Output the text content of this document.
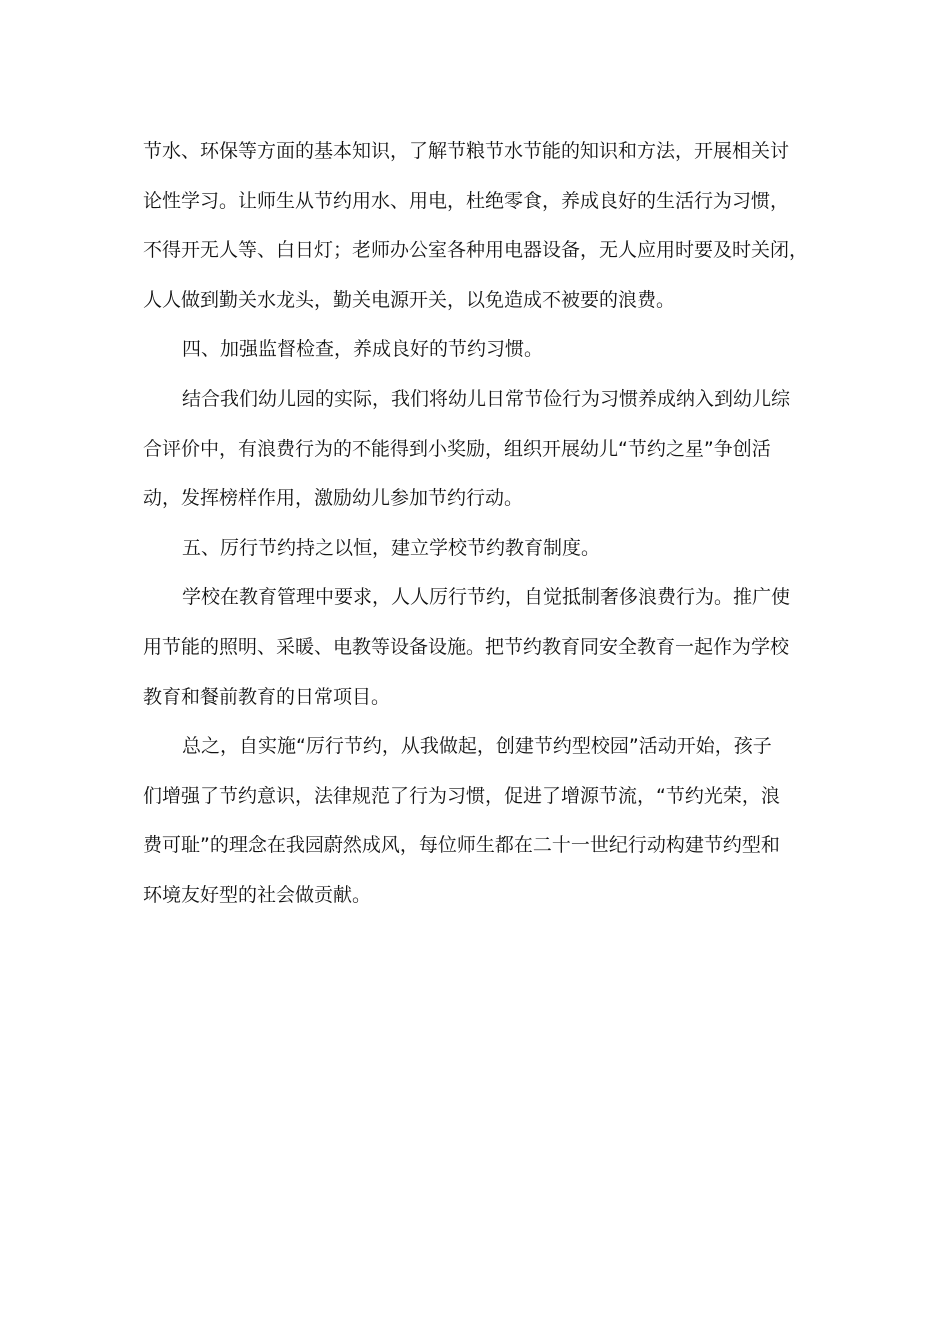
节水、环保等方面的基本知识，了解节粮节水节能的知识和方法，开展相关讨
论性学习。让师生从节约用水、用电，杜绝零食，养成良好的生活行为习惯，
不得开无人等、白日灯；老师办公室各种用电器设备，无人应用时要及时关闭，
人人做到勤关水龙头，勤关电源开关，以免造成不被要的浪费。
四、加强监督检查，养成良好的节约习惯。
结合我们幼儿园的实际，我们将幼儿日常节俭行为习惯养成纳入到幼儿综
合评价中，有浪费行为的不能得到小奖励，组织开展幼儿“节约之星”争创活
动，发挥榜样作用，激励幼儿参加节约行动。
五、厉行节约持之以恒，建立学校节约教育制度。
学校在教育管理中要求，人人厉行节约，自觉抵制奢侈浪费行为。推广使
用节能的照明、采暖、电教等设备设施。把节约教育同安全教育一起作为学校
教育和餐前教育的日常项目。
总之，自实施“厉行节约，从我做起，创建节约型校园”活动开始，孩子
们增强了节约意识，法律规范了行为习惯，促进了增源节流，“节约光荣，浪
费可耻”的理念在我园蔚然成风，每位师生都在二十一世纪行动构建节约型和
环境友好型的社会做贡献。
